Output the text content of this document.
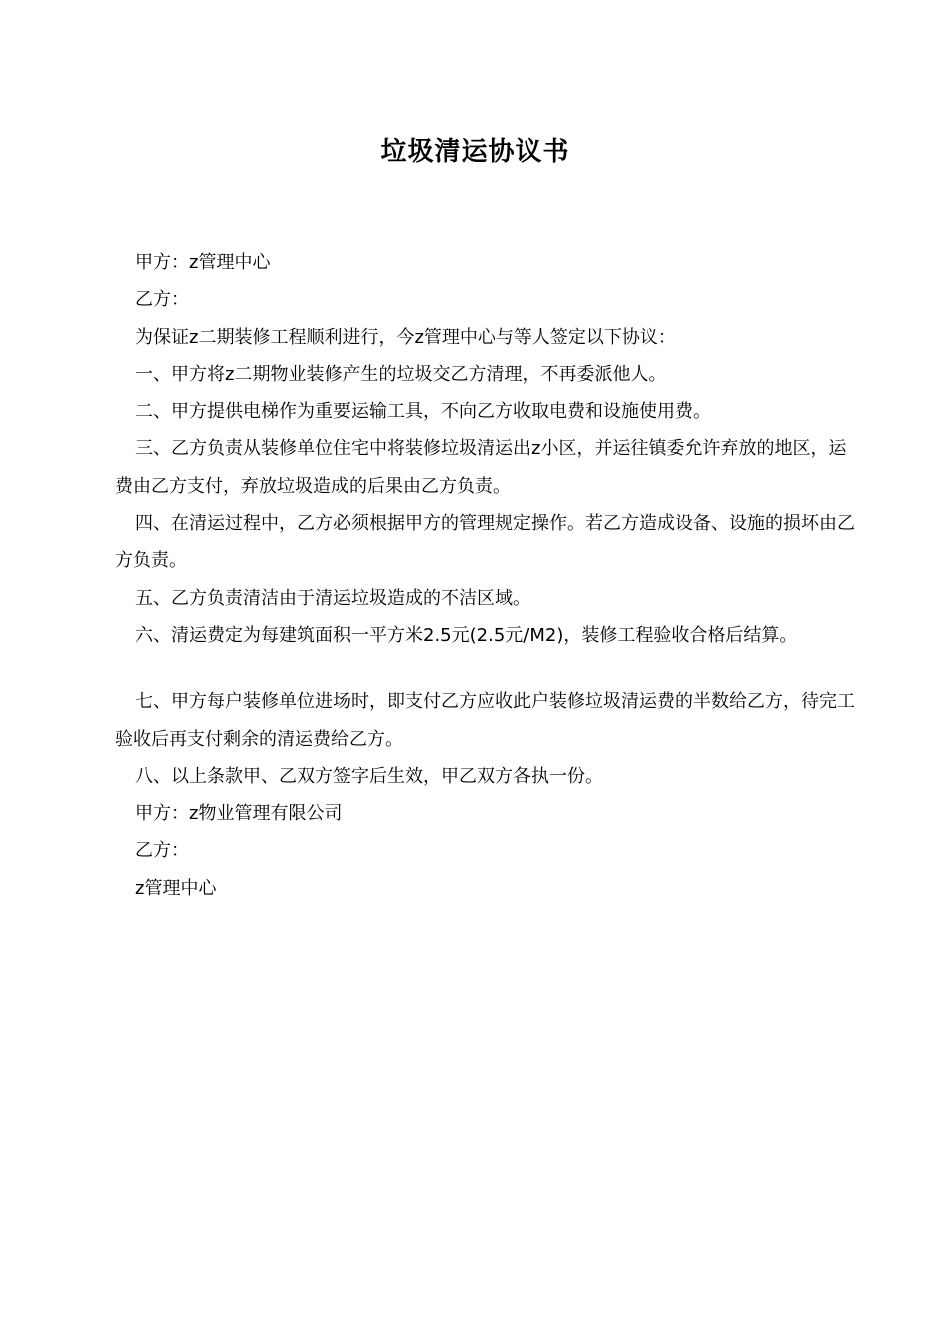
垃圾清运协议书

甲方：z管理中心

乙方：

为保证z二期装修工程顺利进行，今z管理中心与等人签定以下协议：

一、甲方将z二期物业装修产生的垃圾交乙方清理，不再委派他人。

二、甲方提供电梯作为重要运输工具，不向乙方收取电费和设施使用费。

三、乙方负责从装修单位住宅中将装修垃圾清运出z小区，并运往镇委允许弃放的地区，运费由乙方支付，弃放垃圾造成的后果由乙方负责。

四、在清运过程中，乙方必须根据甲方的管理规定操作。若乙方造成设备、设施的损坏由乙方负责。

五、乙方负责清洁由于清运垃圾造成的不洁区域。

六、清运费定为每建筑面积一平方米2.5元(2.5元/M2)，装修工程验收合格后结算。

七、甲方每户装修单位进场时，即支付乙方应收此户装修垃圾清运费的半数给乙方，待完工验收后再支付剩余的清运费给乙方。

八、以上条款甲、乙双方签字后生效，甲乙双方各执一份。

甲方：z物业管理有限公司

乙方：

z管理中心
